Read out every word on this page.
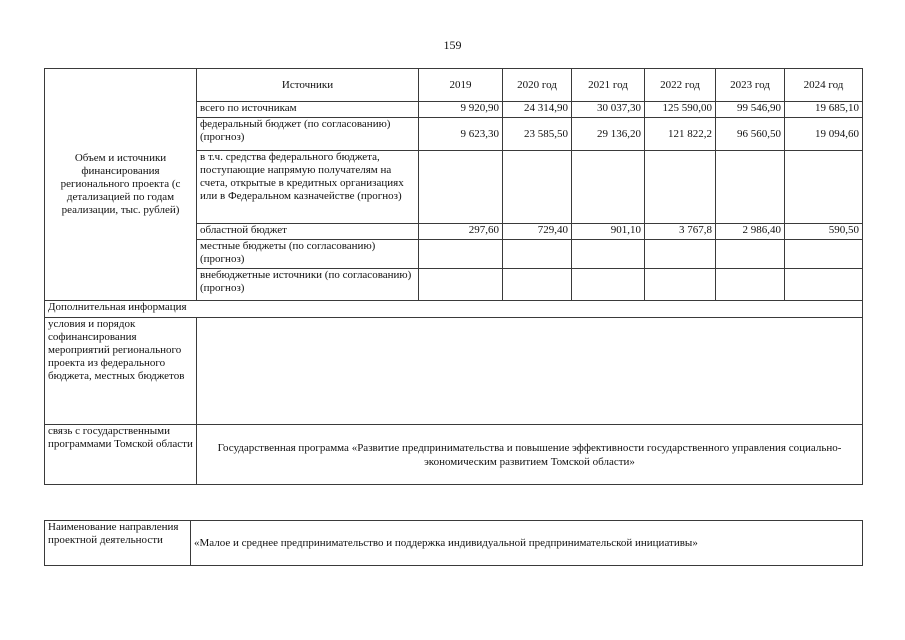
159
Объем и источники финансирования регионального проекта (с детализацией по годам реализации, тыс. рублей)	Источники	2019	2020 год	2021 год	2022 год	2023 год	2024 год
	всего по источникам	9 920,90	24 314,90	30 037,30	125 590,00	99 546,90	19 685,10
	федеральный бюджет (по согласованию) (прогноз)	9 623,30	23 585,50	29 136,20	121 822,2	96 560,50	19 094,60
	в т.ч. средства федерального бюджета, поступающие напрямую получателям на счета, открытые в кредитных организациях или в Федеральном казначействе (прогноз)						
	областной бюджет	297,60	729,40	901,10	3 767,8	2 986,40	590,50
	местные бюджеты (по согласованию) (прогноз)						
	внебюджетные источники (по согласованию) (прогноз)						
Дополнительная информация							
условия и порядок софинансирования мероприятий регионального проекта из федерального бюджета, местных бюджетов							
связь с государственными программами Томской области	Государственная программа «Развитие предпринимательства и повышение эффективности государственного управления социально-экономическим развитием Томской области»						
Наименование направления проектной деятельности	«Малое и среднее предпринимательство и поддержка индивидуальной предпринимательской инициативы»
